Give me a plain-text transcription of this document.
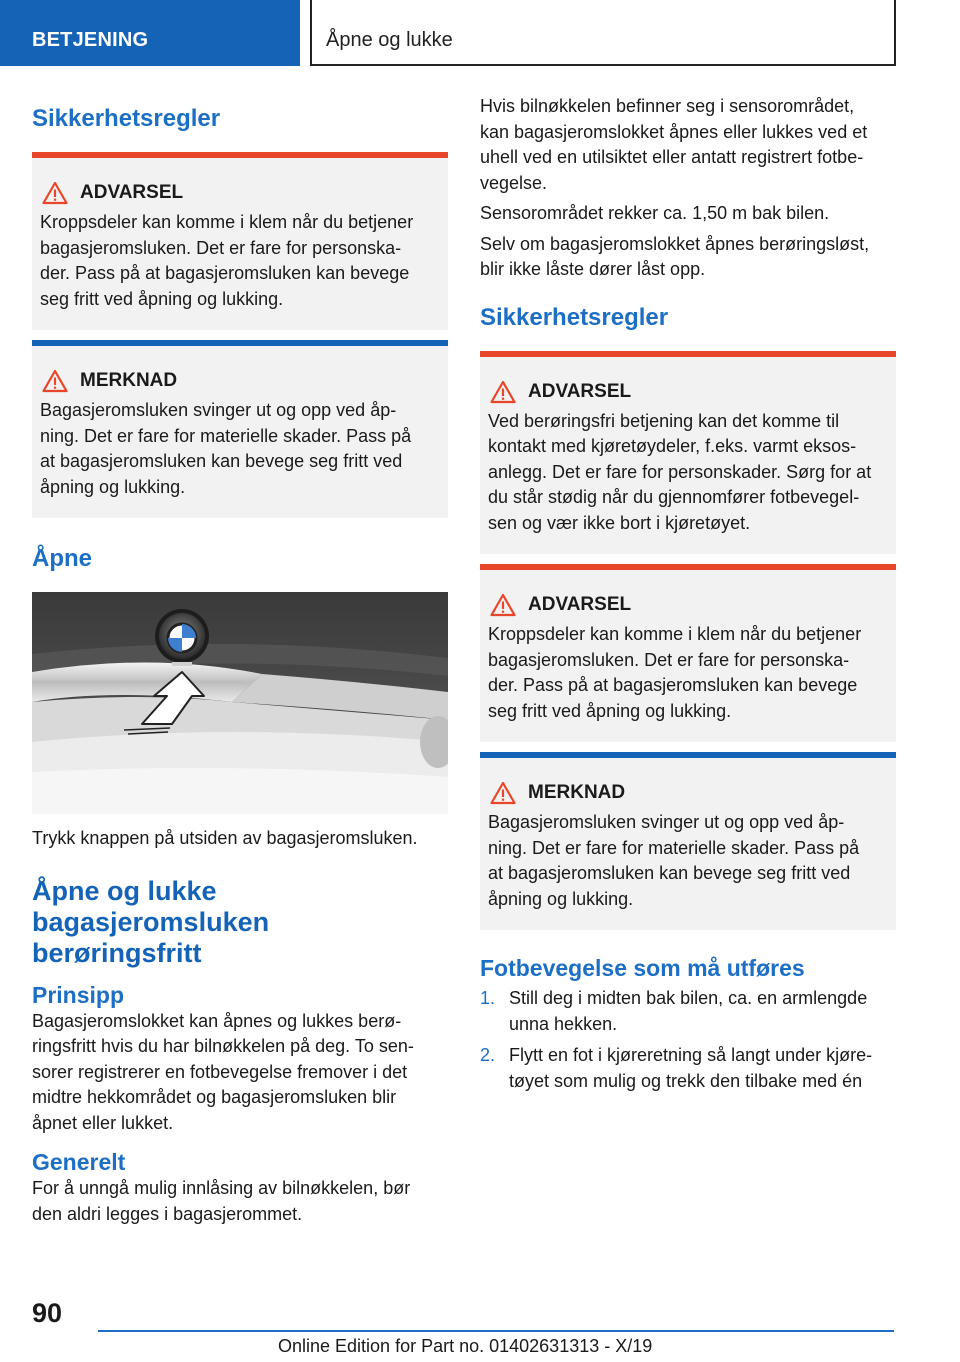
BETJENING	Åpne og lukke
Sikkerhetsregler
ADVARSEL
Kroppsdeler kan komme i klem når du betjener
bagasjeromsluken. Det er fare for personska-
der. Pass på at bagasjeromsluken kan bevege
seg fritt ved åpning og lukking.
MERKNAD
Bagasjeromsluken svinger ut og opp ved åp-
ning. Det er fare for materielle skader. Pass på
at bagasjeromsluken kan bevege seg fritt ved
åpning og lukking.
Åpne
Trykk knappen på utsiden av bagasjeromsluken.
Åpne og lukke bagasjeromsluken
berøringsfritt
Prinsipp
Bagasjeromslokket kan åpnes og lukkes berø-
ringsfritt hvis du har bilnøkkelen på deg. To sen-
sorer registrerer en fotbevegelse fremover i det
midtre hekkområdet og bagasjeromsluken blir
åpnet eller lukket.
Generelt
For å unngå mulig innlåsing av bilnøkkelen, bør
den aldri legges i bagasjerommet.
Hvis bilnøkkelen befinner seg i sensorområdet,
kan bagasjeromslokket åpnes eller lukkes ved et
uhell ved en utilsiktet eller antatt registrert fotbe-
vegelse.
Sensorområdet rekker ca. 1,50 m bak bilen.
Selv om bagasjeromslokket åpnes berøringsløst,
blir ikke låste dører låst opp.
Sikkerhetsregler
ADVARSEL
Ved berøringsfri betjening kan det komme til
kontakt med kjøretøydeler, f.eks. varmt eksos-
anlegg. Det er fare for personskader. Sørg for at
du står stødig når du gjennomfører fotbevegel-
sen og vær ikke bort i kjøretøyet.
ADVARSEL
Kroppsdeler kan komme i klem når du betjener
bagasjeromsluken. Det er fare for personska-
der. Pass på at bagasjeromsluken kan bevege
seg fritt ved åpning og lukking.
MERKNAD
Bagasjeromsluken svinger ut og opp ved åp-
ning. Det er fare for materielle skader. Pass på
at bagasjeromsluken kan bevege seg fritt ved
åpning og lukking.
Fotbevegelse som må utføres
1. Still deg i midten bak bilen, ca. en armlengde
unna hekken.
2. Flytt en fot i kjøreretning så langt under kjøre-
tøyet som mulig og trekk den tilbake med én
90
Online Edition for Part no. 01402631313 - X/19
